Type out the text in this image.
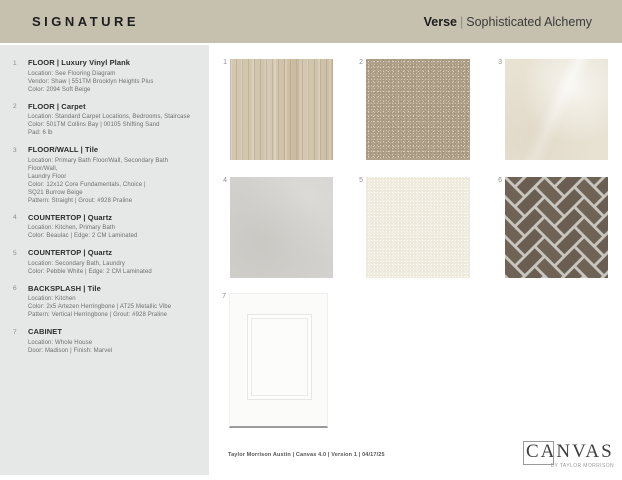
SIGNATURE	Verse | Sophisticated Alchemy
1	FLOOR | Luxury Vinyl Plank
Location: See Flooring Diagram
Vendor: Shaw | 551TM Brooklyn Heights Plus
Color: 2094 Soft Beige
2	FLOOR | Carpet
Location: Standard Carpet Locations, Bedrooms, Staircase
Color: 501TM Collins Bay | 00105 Shifting Sand
Pad: 6 lb
3	FLOOR/WALL | Tile
Location: Primary Bath Floor/Wall, Secondary Bath Floor/Wall,
Laundry Floor
Color: 12x12 Core Fundamentals, Choice |
SQ21 Burrow Beige
Pattern: Straight | Grout: #928 Praline
4	COUNTERTOP | Quartz
Location: Kitchen, Primary Bath
Color: Beaulac | Edge: 2 CM Laminated
5	COUNTERTOP | Quartz
Location: Secondary Bath, Laundry
Color: Pebble White | Edge: 2 CM Laminated
6	BACKSPLASH | Tile
Location: Kitchen
Color: 2x5 Artezen Herringbone | AT25 Metallic Vibe
Pattern: Vertical Herringbone | Grout: #928 Praline
7	CABINET
Location: Whole House
Door: Madison | Finish: Marvel
1	2	3
4	5	6
7
Taylor Morrison Austin | Canvas 4.0 | Version 1 | 04/17/25	CANVAS
BY TAYLOR MORRISON
